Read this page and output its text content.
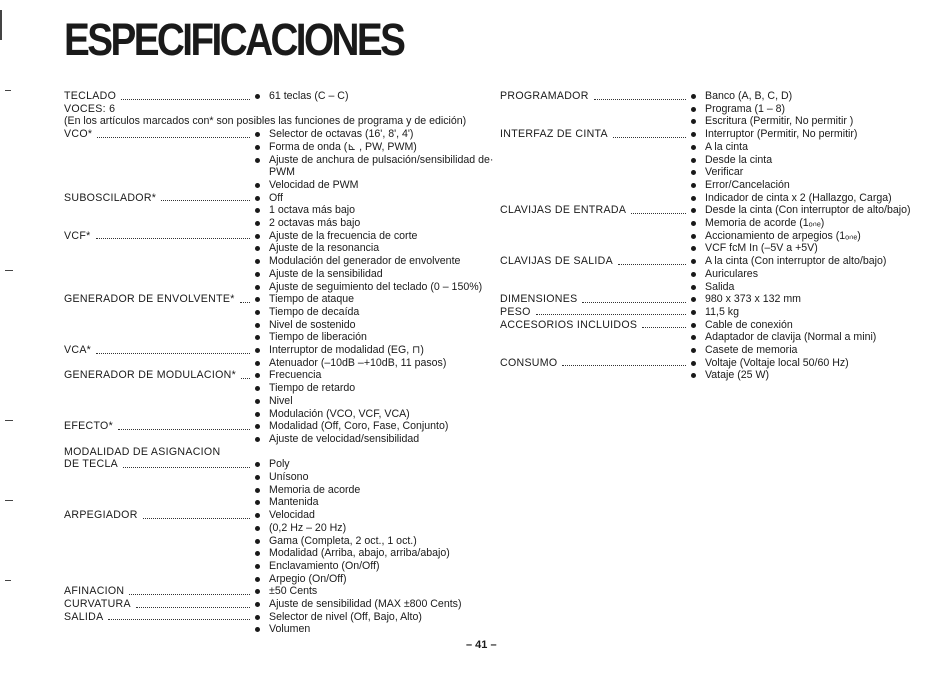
ESPECIFICACIONES
TECLADO	61 teclas (C – C)
VOCES: 6
(En los artículos marcados con* son posibles las funciones de programa y de edición)
VCO*	Selector de octavas (16', 8', 4')
Forma de onda (⊾ , PW, PWM)
Ajuste de anchura de pulsación/sensibilidad de·
PWM
Velocidad de PWM
SUBOSCILADOR*	Off
1 octava más bajo
2 octavas más bajo
VCF*	Ajuste de la frecuencia de corte
Ajuste de la resonancia
Modulación del generador de envolvente
Ajuste de la sensibilidad
Ajuste de seguimiento del teclado (0 – 150%)
GENERADOR DE ENVOLVENTE*	Tiempo de ataque
Tiempo de decaída
Nivel de sostenido
Tiempo de liberación
VCA*	Interruptor de modalidad (EG, ⊓)
Atenuador (–10dB –+10dB, 11 pasos)
GENERADOR DE MODULACION*	Frecuencia
Tiempo de retardo
Nivel
Modulación (VCO, VCF, VCA)
EFECTO*	Modalidad (Off, Coro, Fase, Conjunto)
Ajuste de velocidad/sensibilidad
MODALIDAD DE ASIGNACION
DE TECLA	Poly
Unísono
Memoria de acorde
Mantenida
ARPEGIADOR	Velocidad
(0,2 Hz – 20 Hz)
Gama (Completa, 2 oct., 1 oct.)
Modalidad (Arriba, abajo, arriba/abajo)
Enclavamiento (On/Off)
Arpegio (On/Off)
AFINACION	±50 Cents
CURVATURA	Ajuste de sensibilidad (MAX ±800 Cents)
SALIDA	Selector de nivel (Off, Bajo, Alto)
Volumen
PROGRAMADOR	Banco (A, B, C, D)
Programa (1 – 8)
Escritura (Permitir, No permitir )
INTERFAZ DE CINTA	Interruptor (Permitir, No permitir)
A la cinta
Desde la cinta
Verificar
Error/Cancelación
Indicador de cinta x 2 (Hallazgo, Carga)
CLAVIJAS DE ENTRADA	Desde la cinta (Con interruptor de alto/bajo)
Memoria de acorde (1ₒₙₑ)
Accionamiento de arpegios (1ₒₙₑ)
VCF fcM In (–5V a +5V)
CLAVIJAS DE SALIDA	A la cinta (Con interruptor de alto/bajo)
Auriculares
Salida
DIMENSIONES	980 x 373 x 132 mm
PESO	11,5 kg
ACCESORIOS INCLUIDOS	Cable de conexión
Adaptador de clavija (Normal a mini)
Casete de memoria
CONSUMO	Voltaje (Voltaje local 50/60 Hz)
Vataje (25 W)
– 41 –
